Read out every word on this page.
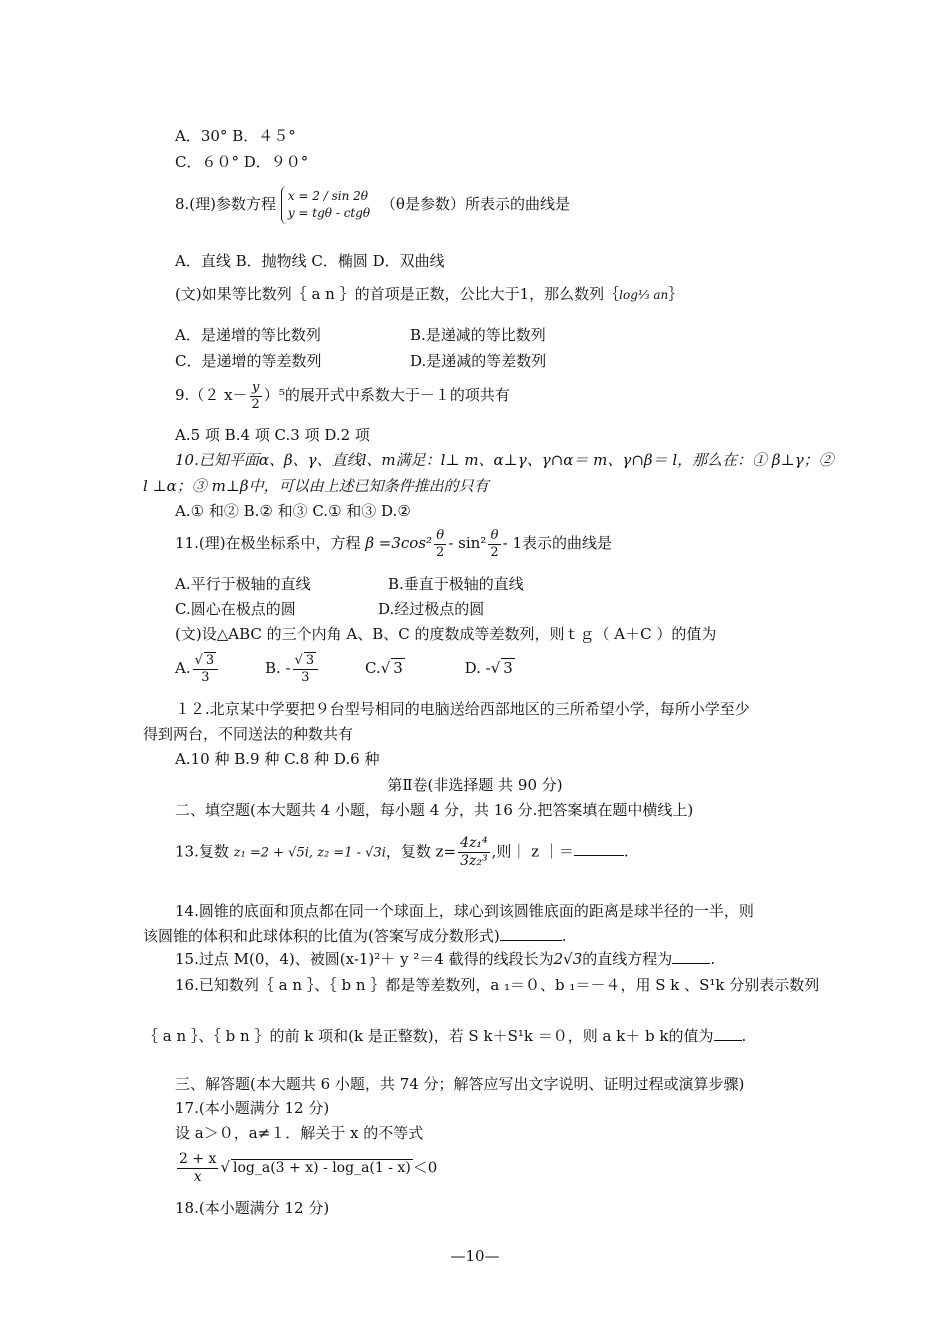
A．30° B．４５°
C．６０° D．９０°
8.(理)参数方程 x = 2 / sin 2θ
y = tgθ - ctgθ （θ是参数）所表示的曲线是
A．直线 B．抛物线 C．椭圆 D．双曲线
(文)如果等比数列｛ a n ｝的首项是正数，公比大于1，那么数列｛log⅓ an｝
A．是递增的等比数列	B.是递减的等比数列
C．是递增的等差数列	D.是递减的等差数列
9.（２ $x- \frac{y}{2} )^5$的展开式中系数大于－１的项共有
A.5 项 B.4 项 C.3 项 D.2 项
10.已知平面α、β、γ、直线l、m满足：l⊥ m、α⊥γ、γ∩α＝ m、γ∩β＝ l，那么在：① β⊥γ；②
l ⊥α；③ m⊥β中，可以由上述已知条件推出的只有
A.① 和② B.② 和③ C.① 和③ D.②
11.(理)在极坐标系中，方程 $\beta =3\cos^2 \frac{\theta}{2} - \sin^2 \frac{\theta}{2} - 1$表示的曲线是
A.平行于极轴的直线	B.垂直于极轴的直线
C.圆心在极点的圆	D.经过极点的圆
(文)设△ABC 的三个内角 A、B、C 的度数成等差数列，则ｔｇ（ A＋C ）的值为
A. $\frac{√ 3}{3}$	B. - $\frac{√ 3}{3}$	C.√ 3	D. -√ 3
１２.北京某中学要把９台型号相同的电脑送给西部地区的三所希望小学，每所小学至少
得到两台，不同送法的种数共有
A.10 种 B.9 种 C.8 种 D.6 种
第Ⅱ卷(非选择题 共 90 分)
二、填空题(本大题共 4 小题，每小题 4 分，共 16 分.把答案填在题中横线上)
13.复数 z₁ =2 + √5i, z₂ =1 - √3i，复数 $z= \frac{\text{4z₁⁴}}{\text{3z₂³}}$ ,则｜ z ｜＝	.
14.圆锥的底面和顶点都在同一个球面上，球心到该圆锥底面的距离是球半径的一半，则
该圆锥的体积和此球体积的比值为(答案写成分数形式)	.
15.过点 M(0，4)、被圆(x-1)²＋ y ²＝4 截得的线段长为2√3的直线方程为	.
16.已知数列｛ a n ｝、｛ b n ｝都是等差数列，a ₁＝０、b ₁＝－４，用 S k 、S¹k 分别表示数列
｛ a n ｝、｛ b n ｝的前 k 项和(k 是正整数)，若 S k＋S¹k ＝０，则 a k＋ b k的值为 .
三、解答题(本大题共 6 小题，共 74 分；解答应写出文字说明、证明过程或演算步骤)
17.(本小题满分 12 分)
设 a＞０，a≠１．解关于 x 的不等式
$\frac{2 + x}{x}$ √ log_a(3 + x) - log_a(1 - x) ＜0
18.(本小题满分 12 分)
—10—
